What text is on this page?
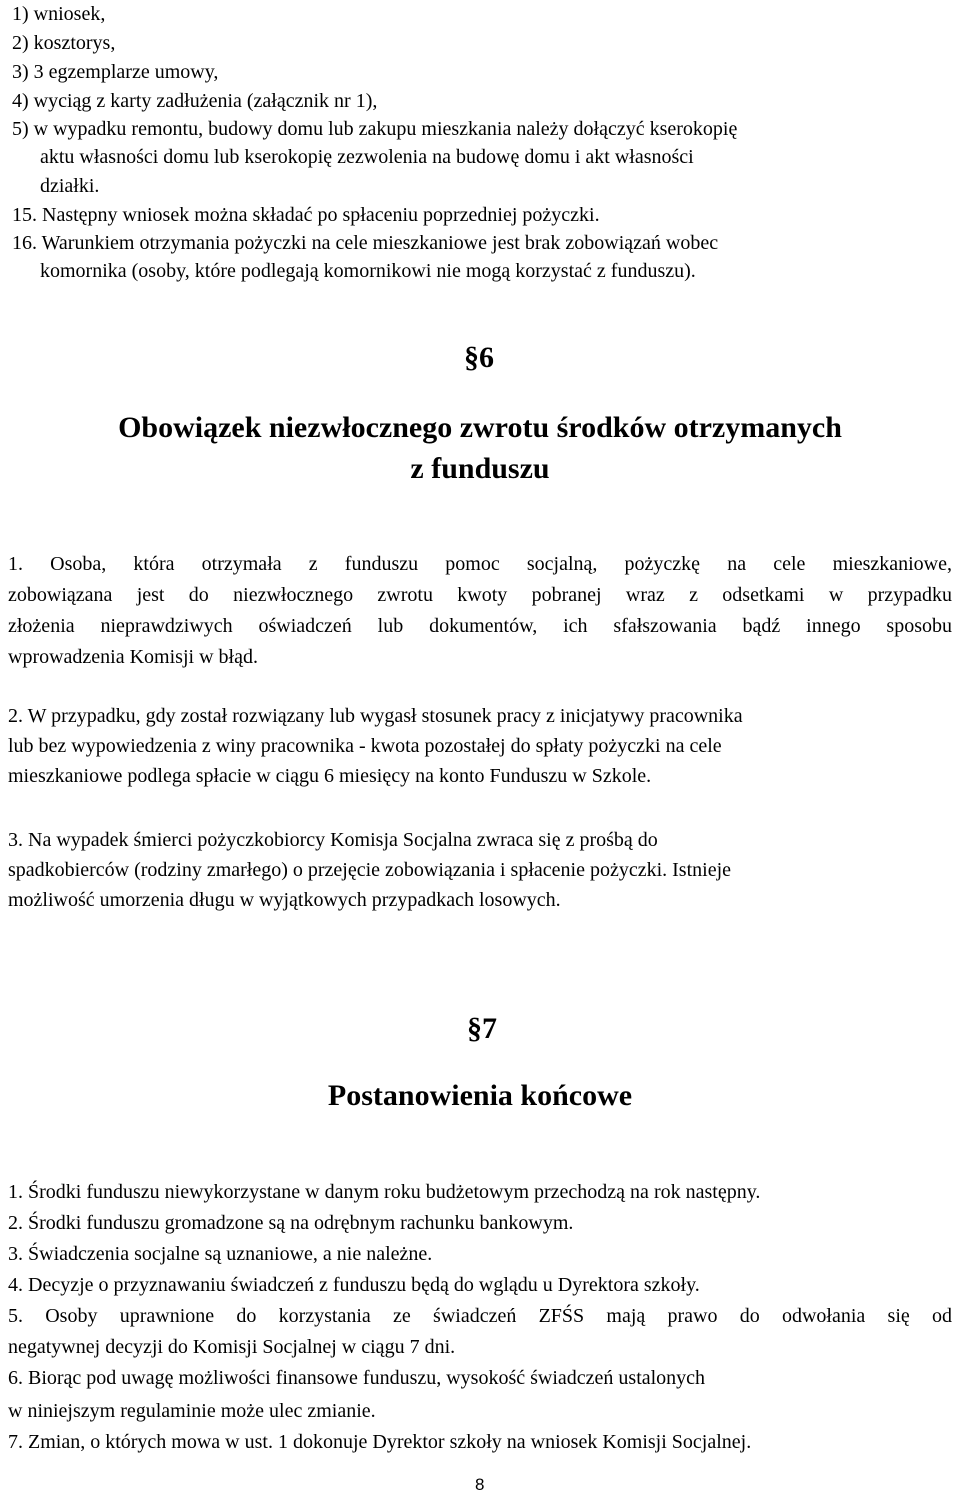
1) wniosek,
2) kosztorys,
3) 3 egzemplarze umowy,
4) wyciąg z karty zadłużenia (załącznik nr 1),
5) w wypadku remontu, budowy domu lub zakupu mieszkania należy dołączyć kserokopię
aktu własności domu lub kserokopię zezwolenia na budowę domu i akt własności
działki.
15. Następny wniosek można składać po spłaceniu poprzedniej pożyczki.
16. Warunkiem otrzymania pożyczki na cele mieszkaniowe jest brak zobowiązań wobec
komornika (osoby, które podlegają komornikowi nie mogą korzystać z funduszu).
§6
Obowiązek niezwłocznego zwrotu środków otrzymanych
z funduszu
1. Osoba, która otrzymała z funduszu pomoc socjalną, pożyczkę na cele mieszkaniowe,
zobowiązana jest do niezwłocznego zwrotu kwoty pobranej wraz z odsetkami w przypadku
złożenia nieprawdziwych oświadczeń lub dokumentów, ich sfałszowania bądź innego sposobu
wprowadzenia Komisji w błąd.
2. W przypadku, gdy został rozwiązany lub wygasł stosunek pracy z inicjatywy pracownika
lub bez wypowiedzenia z winy pracownika - kwota pozostałej do spłaty pożyczki na cele
mieszkaniowe podlega spłacie w ciągu 6 miesięcy na konto Funduszu w Szkole.
3. Na wypadek śmierci pożyczkobiorcy Komisja Socjalna zwraca się z prośbą do
spadkobierców (rodziny zmarłego) o przejęcie zobowiązania i spłacenie pożyczki. Istnieje
możliwość umorzenia długu w wyjątkowych przypadkach losowych.
§7
Postanowienia końcowe
1. Środki funduszu niewykorzystane w danym roku budżetowym przechodzą na rok następny.
2. Środki funduszu gromadzone są na odrębnym rachunku bankowym.
3. Świadczenia socjalne są uznaniowe, a nie należne.
4. Decyzje o przyznawaniu świadczeń z funduszu będą do wglądu u Dyrektora szkoły.
5. Osoby uprawnione do korzystania ze świadczeń ZFŚS mają prawo do odwołania się od
negatywnej decyzji do Komisji Socjalnej w ciągu 7 dni.
6. Biorąc pod uwagę możliwości finansowe funduszu, wysokość świadczeń ustalonych
w niniejszym regulaminie może ulec zmianie.
7. Zmian, o których mowa w ust. 1 dokonuje Dyrektor szkoły na wniosek Komisji Socjalnej.
8
